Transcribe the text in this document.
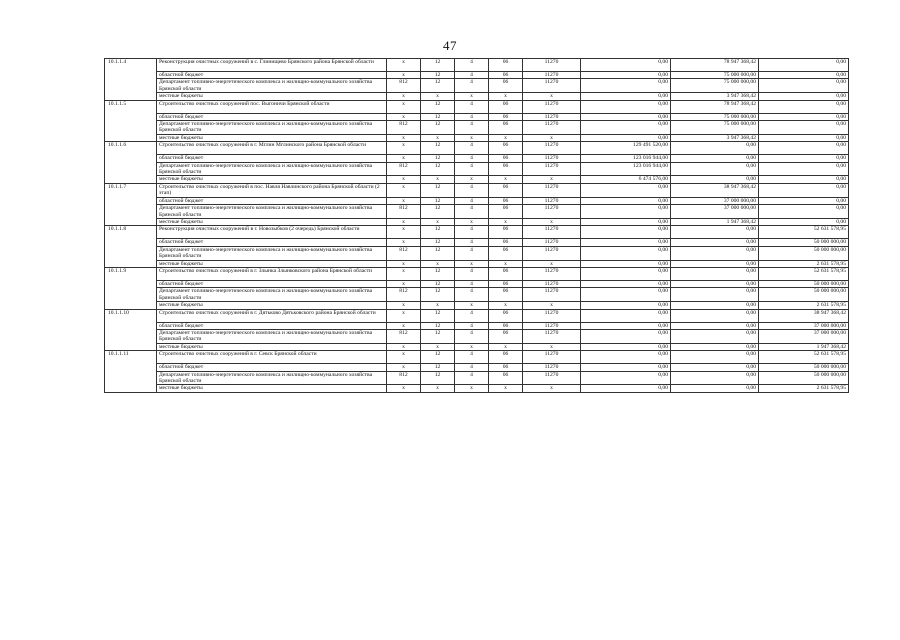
47
10.1.1.4	Реконструкция очистных сооружений в с. Глинищево Брянского района Брянской области	х	12	4	06	11270	0,00	78 947 368,42	0,00
	областной бюджет	х	12	4	06	11270	0,00	75 000 000,00	0,00
	Департамент топливно-энергетического комплекса и жилищно-коммунального хозяйства Брянской области	812	12	4	06	11270	0,00	75 000 000,00	0,00
	местные бюджеты	х	х	х	х	х	0,00	3 947 368,42	0,00
10.1.1.5	Строительство очистных сооружений пос. Выгоничи Брянской области	х	12	4	06	11270	0,00	78 947 368,42	0,00
	областной бюджет	х	12	4	06	11270	0,00	75 000 000,00	0,00
	Департамент топливно-энергетического комплекса и жилищно-коммунального хозяйства Брянской области	812	12	4	06	11270	0,00	75 000 000,00	0,00
	местные бюджеты	х	х	х	х	х	0,00	3 947 368,42	0,00
10.1.1.6	Строительство очистных сооружений в г. Мглин Мглинского района Брянской области	х	12	4	06	11270	129 491 520,00	0,00	0,00
	областной бюджет	х	12	4	06	11270	123 016 944,00	0,00	0,00
	Департамент топливно-энергетического комплекса и жилищно-коммунального хозяйства Брянской области	812	12	4	06	11270	123 016 944,00	0,00	0,00
	местные бюджеты	х	х	х	х	х	6 474 576,00	0,00	0,00
10.1.1.7	Строительство очистных сооружений в пос. Навля Навлинского района Брянской области (2 этап)	х	12	4	06	11270	0,00	38 947 368,42	0,00
	областной бюджет	х	12	4	06	11270	0,00	37 000 000,00	0,00
	Департамент топливно-энергетического комплекса и жилищно-коммунального хозяйства Брянской области	812	12	4	06	11270	0,00	37 000 000,00	0,00
	местные бюджеты	х	х	х	х	х	0,00	1 947 368,42	0,00
10.1.1.8	Реконструкция очистных сооружений в г. Новозыбков (2 очередь) Брянской области	х	12	4	06	11270	0,00	0,00	52 631 578,95
	областной бюджет	х	12	4	06	11270	0,00	0,00	50 000 000,00
	Департамент топливно-энергетического комплекса и жилищно-коммунального хозяйства Брянской области	812	12	4	06	11270	0,00	0,00	50 000 000,00
	местные бюджеты	х	х	х	х	х	0,00	0,00	2 631 578,95
10.1.1.9	Строительство очистных сооружений в г. Злынка Злынковского района Брянской области	х	12	4	06	11270	0,00	0,00	52 631 578,95
	областной бюджет	х	12	4	06	11270	0,00	0,00	50 000 000,00
	Департамент топливно-энергетического комплекса и жилищно-коммунального хозяйства Брянской области	812	12	4	06	11270	0,00	0,00	50 000 000,00
	местные бюджеты	х	х	х	х	х	0,00	0,00	2 631 578,95
10.1.1.10	Строительство очистных сооружений в г. Дятьково Дятьковского района Брянской области	х	12	4	06	11270	0,00	0,00	38 947 368,42
	областной бюджет	х	12	4	06	11270	0,00	0,00	37 000 000,00
	Департамент топливно-энергетического комплекса и жилищно-коммунального хозяйства Брянской области	812	12	4	06	11270	0,00	0,00	37 000 000,00
	местные бюджеты	х	х	х	х	х	0,00	0,00	1 947 368,42
10.1.1.11	Строительство очистных сооружений в г. Севск Брянской области	х	12	4	06	11270	0,00	0,00	52 631 578,95
	областной бюджет	х	12	4	06	11270	0,00	0,00	50 000 000,00
	Департамент топливно-энергетического комплекса и жилищно-коммунального хозяйства Брянской области	812	12	4	06	11270	0,00	0,00	50 000 000,00
	местные бюджеты	х	х	х	х	х	0,00	0,00	2 631 578,95
